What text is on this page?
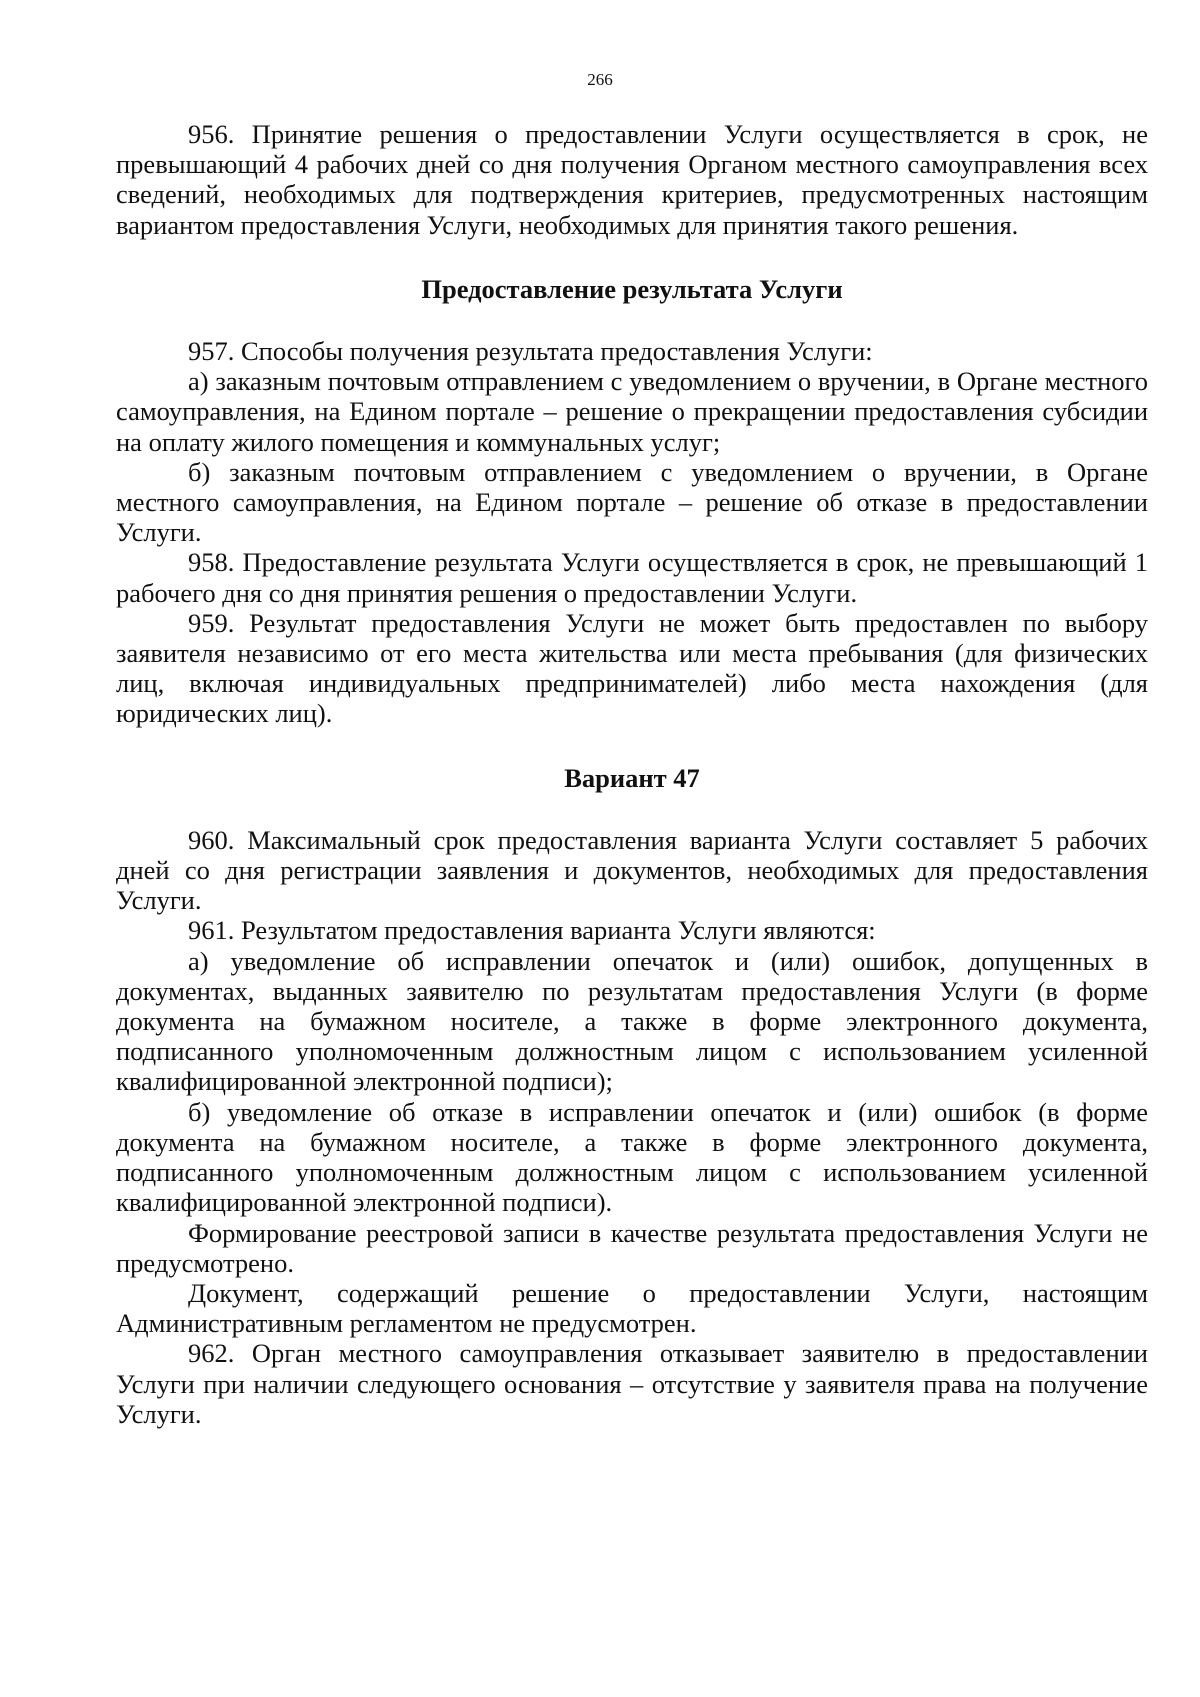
266

956. Принятие решения о предоставлении Услуги осуществляется в срок, не превышающий 4 рабочих дней со дня получения Органом местного самоуправления всех сведений, необходимых для подтверждения критериев, предусмотренных настоящим вариантом предоставления Услуги, необходимых для принятия такого решения.

Предоставление результата Услуги

957. Способы получения результата предоставления Услуги:

а) заказным почтовым отправлением с уведомлением о вручении, в Органе местного самоуправления, на Едином портале – решение о прекращении предоставления субсидии на оплату жилого помещения и коммунальных услуг;

б) заказным почтовым отправлением с уведомлением о вручении, в Органе местного самоуправления, на Едином портале – решение об отказе в предоставлении Услуги.

958. Предоставление результата Услуги осуществляется в срок, не превышающий 1 рабочего дня со дня принятия решения о предоставлении Услуги.

959. Результат предоставления Услуги не может быть предоставлен по выбору заявителя независимо от его места жительства или места пребывания (для физических лиц, включая индивидуальных предпринимателей) либо места нахождения (для юридических лиц).

Вариант 47

960. Максимальный срок предоставления варианта Услуги составляет 5 рабочих дней со дня регистрации заявления и документов, необходимых для предоставления Услуги.

961. Результатом предоставления варианта Услуги являются:

а) уведомление об исправлении опечаток и (или) ошибок, допущенных в документах, выданных заявителю по результатам предоставления Услуги (в форме документа на бумажном носителе, а также в форме электронного документа, подписанного уполномоченным должностным лицом с использованием усиленной квалифицированной электронной подписи);

б) уведомление об отказе в исправлении опечаток и (или) ошибок (в форме документа на бумажном носителе, а также в форме электронного документа, подписанного уполномоченным должностным лицом с использованием усиленной квалифицированной электронной подписи).

Формирование реестровой записи в качестве результата предоставления Услуги не предусмотрено.

Документ, содержащий решение о предоставлении Услуги, настоящим Административным регламентом не предусмотрен.

962. Орган местного самоуправления отказывает заявителю в предоставлении Услуги при наличии следующего основания – отсутствие у заявителя права на получение Услуги.
